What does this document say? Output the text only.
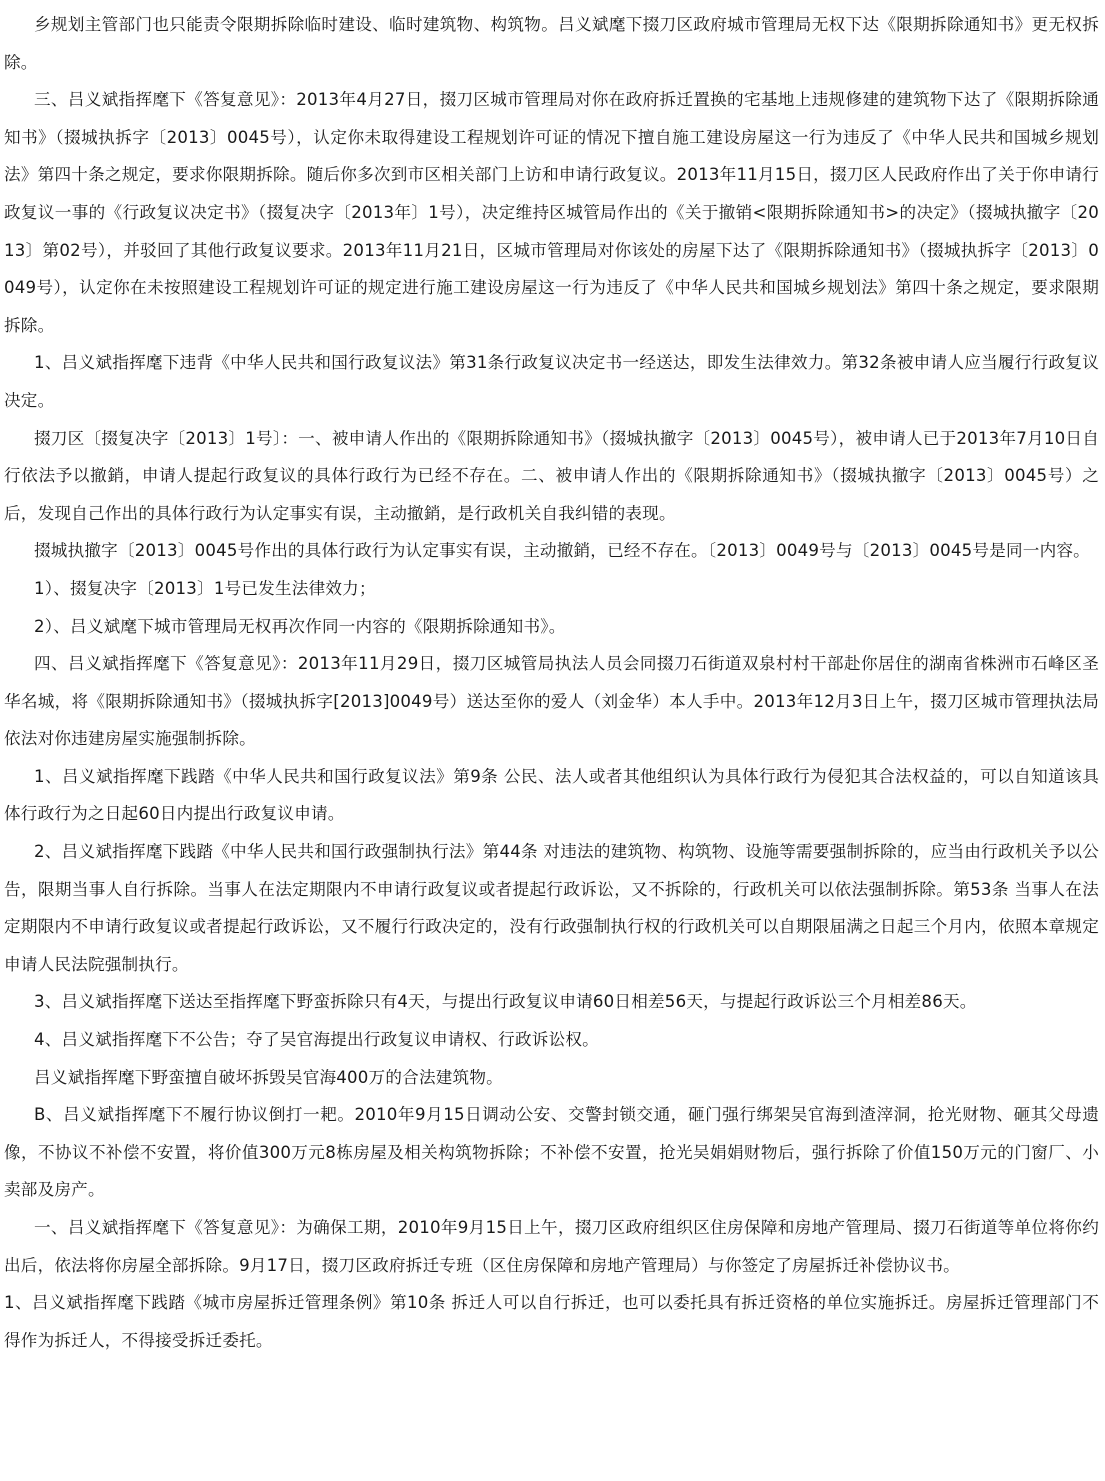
乡规划主管部门也只能责令限期拆除临时建设、临时建筑物、构筑物。吕义斌麾下掇刀区政府城市管理局无权下达《限期拆除通知书》更无权拆除。

三、吕义斌指挥麾下《答复意见》：2013年4月27日，掇刀区城市管理局对你在政府拆迁置换的宅基地上违规修建的建筑物下达了《限期拆除通知书》（掇城执拆字〔2013〕0045号），认定你未取得建设工程规划许可证的情况下擅自施工建设房屋这一行为违反了《中华人民共和国城乡规划法》第四十条之规定，要求你限期拆除。随后你多次到市区相关部门上访和申请行政复议。2013年11月15日，掇刀区人民政府作出了关于你申请行政复议一事的《行政复议决定书》（掇复决字〔2013年〕1号），决定维持区城管局作出的《关于撤销<限期拆除通知书>的决定》（掇城执撤字〔2013〕第02号），并驳回了其他行政复议要求。2013年11月21日，区城市管理局对你该处的房屋下达了《限期拆除通知书》（掇城执拆字〔2013〕0049号），认定你在未按照建设工程规划许可证的规定进行施工建设房屋这一行为违反了《中华人民共和国城乡规划法》第四十条之规定，要求限期拆除。

1、吕义斌指挥麾下违背《中华人民共和国行政复议法》第31条行政复议决定书一经送达，即发生法律效力。第32条被申请人应当履行行政复议决定。

掇刀区〔掇复决字〔2013〕1号〕：一、被申请人作出的《限期拆除通知书》（掇城执撤字〔2013〕0045号），被申请人已于2013年7月10日自行依法予以撤銷，申请人提起行政复议的具体行政行为已经不存在。二、被申请人作出的《限期拆除通知书》（掇城执撤字〔2013〕0045号）之后，发现自己作出的具体行政行为认定事实有误，主动撤銷，是行政机关自我纠错的表现。

掇城执撤字〔2013〕0045号作出的具体行政行为认定事实有误，主动撤銷，已经不存在。〔2013〕0049号与〔2013〕0045号是同一内容。

1）、掇复决字〔2013〕1号已发生法律效力；

2）、吕义斌麾下城市管理局无权再次作同一内容的《限期拆除通知书》。

四、吕义斌指挥麾下《答复意见》：2013年11月29日，掇刀区城管局执法人员会同掇刀石街道双泉村村干部赴你居住的湖南省株洲市石峰区圣华名城，将《限期拆除通知书》（掇城执拆字[2013]0049号）送达至你的爱人（刘金华）本人手中。2013年12月3日上午，掇刀区城市管理执法局依法对你违建房屋实施强制拆除。

1、吕义斌指挥麾下践踏《中华人民共和国行政复议法》第9条 公民、法人或者其他组织认为具体行政行为侵犯其合法权益的，可以自知道该具体行政行为之日起60日内提出行政复议申请。

2、吕义斌指挥麾下践踏《中华人民共和国行政强制执行法》第44条 对违法的建筑物、构筑物、设施等需要强制拆除的，应当由行政机关予以公告，限期当事人自行拆除。当事人在法定期限内不申请行政复议或者提起行政诉讼，又不拆除的，行政机关可以依法强制拆除。第53条 当事人在法定期限内不申请行政复议或者提起行政诉讼，又不履行行政决定的，没有行政强制执行权的行政机关可以自期限届满之日起三个月内，依照本章规定申请人民法院强制执行。

3、吕义斌指挥麾下送达至指挥麾下野蛮拆除只有4天，与提出行政复议申请60日相差56天，与提起行政诉讼三个月相差86天。

4、吕义斌指挥麾下不公告；夺了吴官海提出行政复议申请权、行政诉讼权。

吕义斌指挥麾下野蛮擅自破坏拆毁吴官海400万的合法建筑物。

B、吕义斌指挥麾下不履行协议倒打一耙。2010年9月15日调动公安、交警封锁交通，砸门强行绑架吴官海到渣滓洞，抢光财物、砸其父母遗像，不协议不补偿不安置，将价值300万元8栋房屋及相关构筑物拆除；不补偿不安置，抢光吴娟娟财物后，强行拆除了价值150万元的门窗厂、小卖部及房产。

一、吕义斌指挥麾下《答复意见》：为确保工期，2010年9月15日上午，掇刀区政府组织区住房保障和房地产管理局、掇刀石街道等单位将你约出后，依法将你房屋全部拆除。9月17日，掇刀区政府拆迁专班（区住房保障和房地产管理局）与你签定了房屋拆迁补偿协议书。

1、吕义斌指挥麾下践踏《城市房屋拆迁管理条例》第10条 拆迁人可以自行拆迁，也可以委托具有拆迁资格的单位实施拆迁。房屋拆迁管理部门不得作为拆迁人，不得接受拆迁委托。
